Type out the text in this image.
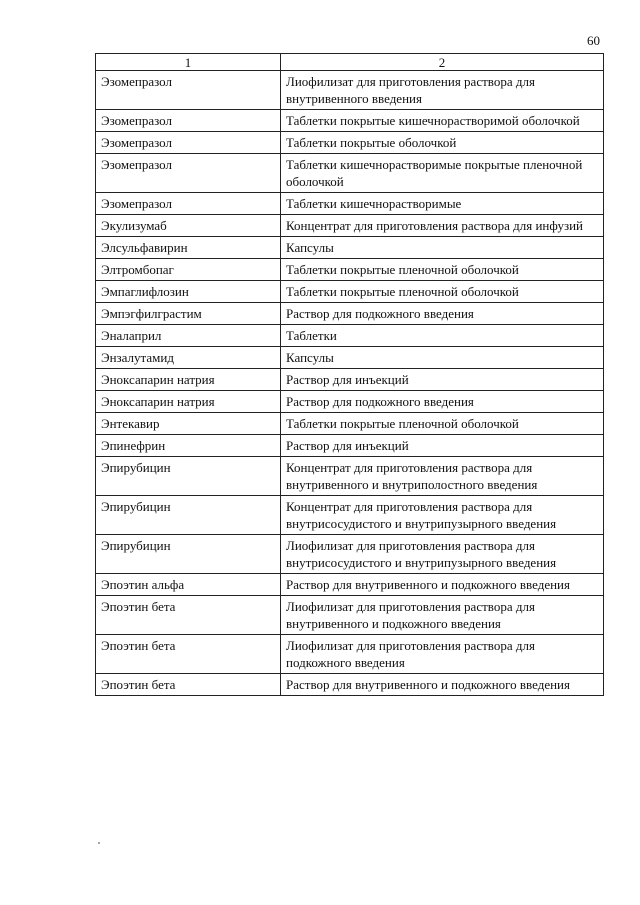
60
1	2
Эзомепразол	Лиофилизат для приготовления раствора для внутривенного введения
Эзомепразол	Таблетки покрытые кишечнорастворимой оболочкой
Эзомепразол	Таблетки покрытые оболочкой
Эзомепразол	Таблетки кишечнорастворимые покрытые пленочной оболочкой
Эзомепразол	Таблетки кишечнорастворимые
Экулизумаб	Концентрат для приготовления раствора для инфузий
Элсульфавирин	Капсулы
Элтромбопаг	Таблетки покрытые пленочной оболочкой
Эмпаглифлозин	Таблетки покрытые пленочной оболочкой
Эмпэгфилграстим	Раствор для подкожного введения
Эналаприл	Таблетки
Энзалутамид	Капсулы
Эноксапарин натрия	Раствор для инъекций
Эноксапарин натрия	Раствор для подкожного введения
Энтекавир	Таблетки покрытые пленочной оболочкой
Эпинефрин	Раствор для инъекций
Эпирубицин	Концентрат для приготовления раствора для внутривенного и внутриполостного введения
Эпирубицин	Концентрат для приготовления раствора для внутрисосудистого и внутрипузырного введения
Эпирубицин	Лиофилизат для приготовления раствора для внутрисосудистого и внутрипузырного введения
Эпоэтин альфа	Раствор для внутривенного и подкожного введения
Эпоэтин бета	Лиофилизат для приготовления раствора для внутривенного и подкожного введения
Эпоэтин бета	Лиофилизат для приготовления раствора для подкожного введения
Эпоэтин бета	Раствор для внутривенного и подкожного введения
